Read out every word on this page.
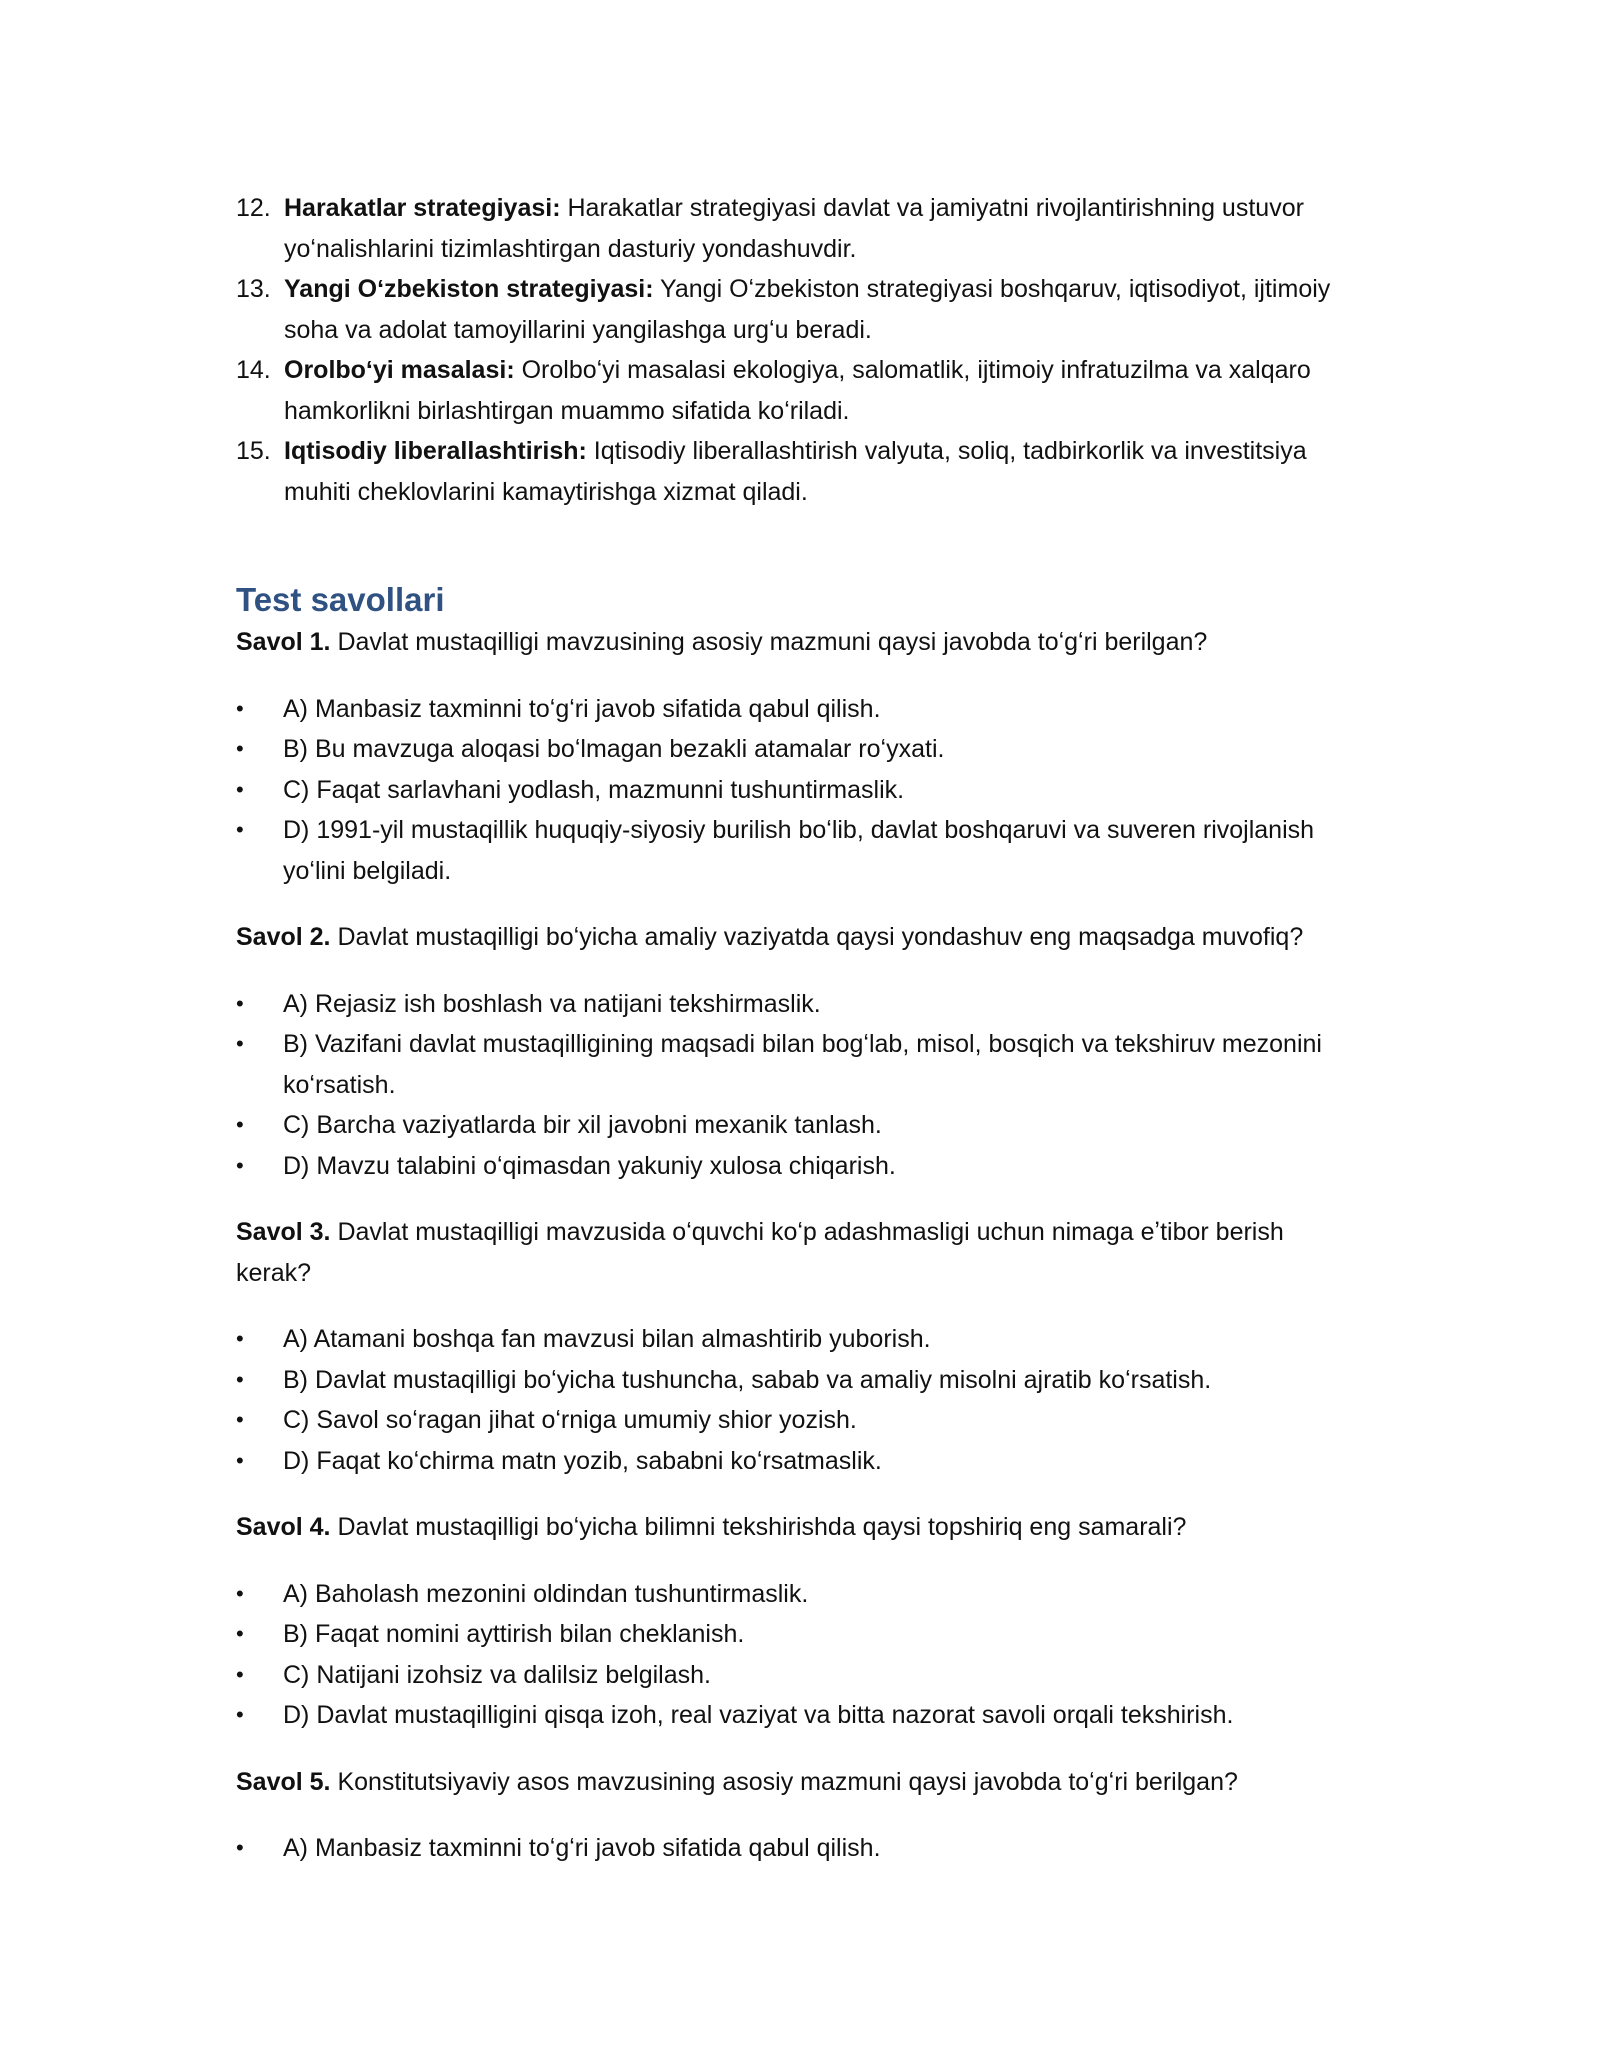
12. Harakatlar strategiyasi: Harakatlar strategiyasi davlat va jamiyatni rivojlantirishning ustuvor yoʻnalishlarini tizimlashtirgan dasturiy yondashuvdir.
13. Yangi Oʻzbekiston strategiyasi: Yangi Oʻzbekiston strategiyasi boshqaruv, iqtisodiyot, ijtimoiy soha va adolat tamoyillarini yangilashga urgʻu beradi.
14. Orolboʻyi masalasi: Orolboʻyi masalasi ekologiya, salomatlik, ijtimoiy infratuzilma va xalqaro hamkorlikni birlashtirgan muammo sifatida koʻriladi.
15. Iqtisodiy liberallashtirish: Iqtisodiy liberallashtirish valyuta, soliq, tadbirkorlik va investitsiya muhiti cheklovlarini kamaytirishga xizmat qiladi.
Test savollari

Savol 1. Davlat mustaqilligi mavzusining asosiy mazmuni qaysi javobda toʻgʻri berilgan?

•	A) Manbasiz taxminni toʻgʻri javob sifatida qabul qilish.
•	B) Bu mavzuga aloqasi boʻlmagan bezakli atamalar roʻyxati.
•	C) Faqat sarlavhani yodlash, mazmunni tushuntirmaslik.
•	D) 1991-yil mustaqillik huquqiy-siyosiy burilish boʻlib, davlat boshqaruvi va suveren rivojlanish yoʻlini belgiladi.

Savol 2. Davlat mustaqilligi boʻyicha amaliy vaziyatda qaysi yondashuv eng maqsadga muvofiq?

•	A) Rejasiz ish boshlash va natijani tekshirmaslik.
•	B) Vazifani davlat mustaqilligining maqsadi bilan bogʻlab, misol, bosqich va tekshiruv mezonini koʻrsatish.
•	C) Barcha vaziyatlarda bir xil javobni mexanik tanlash.
•	D) Mavzu talabini oʻqimasdan yakuniy xulosa chiqarish.

Savol 3. Davlat mustaqilligi mavzusida oʻquvchi koʻp adashmasligi uchun nimaga eʼtibor berish kerak?

•	A) Atamani boshqa fan mavzusi bilan almashtirib yuborish.
•	B) Davlat mustaqilligi boʻyicha tushuncha, sabab va amaliy misolni ajratib koʻrsatish.
•	C) Savol soʻragan jihat oʻrniga umumiy shior yozish.
•	D) Faqat koʻchirma matn yozib, sababni koʻrsatmaslik.

Savol 4. Davlat mustaqilligi boʻyicha bilimni tekshirishda qaysi topshiriq eng samarali?

•	A) Baholash mezonini oldindan tushuntirmaslik.
•	B) Faqat nomini ayttirish bilan cheklanish.
•	C) Natijani izohsiz va dalilsiz belgilash.
•	D) Davlat mustaqilligini qisqa izoh, real vaziyat va bitta nazorat savoli orqali tekshirish.

Savol 5. Konstitutsiyaviy asos mavzusining asosiy mazmuni qaysi javobda toʻgʻri berilgan?

•	A) Manbasiz taxminni toʻgʻri javob sifatida qabul qilish.
